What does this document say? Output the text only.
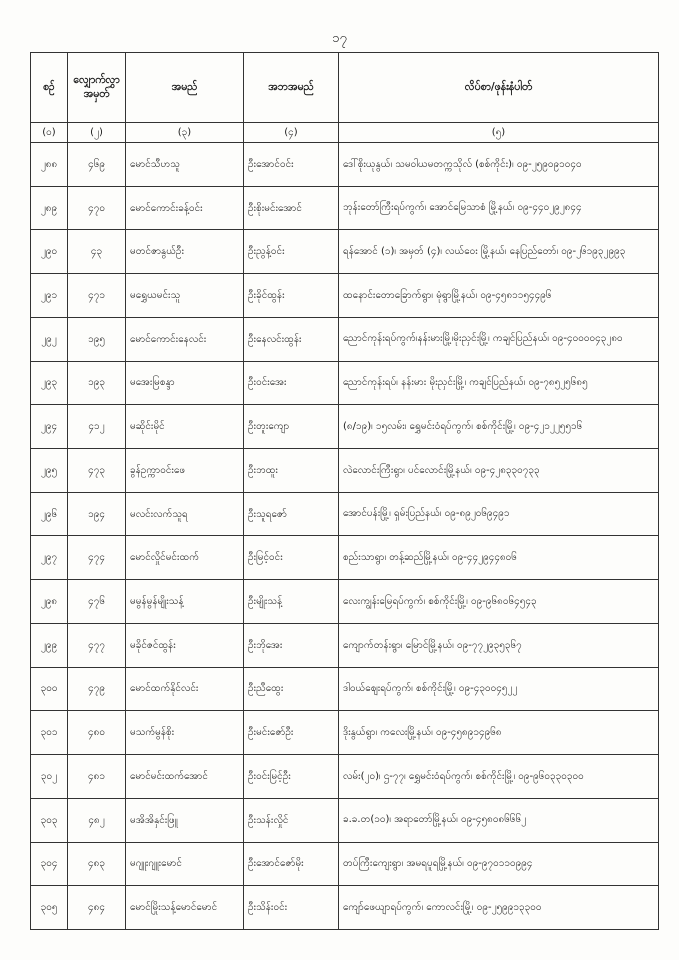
၁၇
စဥ်	လျှောက်လွှာ အမှတ်	အမည်	အဘအမည်	လိပ်စာ/ဖုန်းနံပါတ်
(၀)	(၂)	(၃)	(၄)	(၅)
၂၈၈	၄၆၉	မောင်သီဟသူ	ဦးအောင်ဝင်း	ဒေါ်စိုးယုနွယ်၊ သမဝါယမတက္ကသိုလ် (စစ်ကိုင်း)၊ ၀၉-၂၅၉၀၉၁၀၄၀
၂၈၉	၄၇၀	မောင်ကောင်းခန့်ဝင်း	ဦးစိုးမင်းအောင်	ဘုန်းတော်ကြီးရပ်ကွက်၊ အောင်မြေသာစံ မြို့နယ်၊ ၀၉-၄၄၀၂၉၂၈၄၄
၂၉၀	၄၃	မတင်ဇာနွယ်ဦး	ဦးညွန့်ဝင်း	ရန်အောင် (၁)၊ အမှတ် (၄)၊ လယ်ဝေး မြို့နယ်၊ နေပြည်တော်၊ ၀၉-၂၆၁၉၃၂၉၉၃
၂၉၁	၄၇၁	မရွှေယမင်းသူ	ဦးခိုင်ထွန်း	ထနောင်းတောခြောက်ရွာ၊ မုံရွာမြို့နယ်၊ ၀၉-၄၅၈၁၁၅၄၄၉၆
၂၉၂	၁၉၅	မောင်ကောင်းနေလင်း	ဦးနေလင်းထွန်း	ညောင်ကုန်းရပ်ကွက်၊နန်းမားမြို့၊မိုးညှင်းမြို့၊ ကချင်ပြည်နယ်၊ ၀၉-၄၀၀၀၀၄၃၂၈၀
၂၉၃	၁၉၃	မအေးမြစန္ဒာ	ဦးဝင်းအေး	ညောင်ကုန်းရပ်၊ နန်းမား မိုးညှင်းမြို့၊ ကချင်ပြည်နယ်၊ ၀၉-၇၈၅၂၅၆၈၅
၂၉၄	၄၁၂	မဆိုင်းမိုင်	ဦးတူးကျော	(၈/၁၉)၊ ၁၅လမ်း၊ ရွှေမင်းဝံရပ်ကွက်၊ စစ်ကိုင်းမြို့၊ ၀၉-၄၂၁၂၂၅၅၁၆
၂၉၅	၄၇၃	ခွန်ဥက္ကာဝင်းဖေ	ဦးဘထူး	လဲလောင်းကြီးရွာ၊ ပင်လောင်းမြို့နယ်၊ ၀၉-၄၂၈၃၃၀၇၃၃
၂၉၆	၁၉၄	မလင်းလက်သူရ	ဦးသူရဇော်	အောင်ပန်းမြို့၊ ရှမ်းပြည်နယ်၊ ၀၉-၈၉၂၀၆၉၄၉၁
၂၉၇	၄၇၄	မောင်လှိုင်မင်းထက်	ဦးမြင့်ဝင်း	စည်းသာရွာ၊ တန့်ဆည်မြို့နယ်၊ ၀၉-၄၄၂၉၄၄၈၀၆
၂၉၈	၄၇၆	မမွန်မွန်မျိုးသန့်	ဦးမျိုးသန့်	လေးကျွန်းမြေရပ်ကွက်၊ စစ်ကိုင်းမြို့၊ ၀၉-၉၆၈၀၆၄၅၄၃
၂၉၉	၄၇၇	မခိုင်ဇင်ထွန်း	ဦးဘိုအေး	ကျောက်တန်းရွာ၊ မြောင်မြို့နယ်၊ ၀၉-၇၇၂၉၃၅၃၆၇
၃၀၀	၄၇၉	မောင်ထက်နိုင်လင်း	ဦးညီထွေး	ဒါဝယ်ဈေးရပ်ကွက်၊ စစ်ကိုင်းမြို့၊ ၀၉-၄၃၀၀၄၅၂၂
၃၀၁	၄၈၀	မသက်မွန်စိုး	ဦးမင်းဇော်ဦး	ဒိုးနွယ်ရွာ၊ ကလေးမြို့နယ်၊ ၀၉-၄၅၈၉၁၄၉၆၈
၃၀၂	၄၈၁	မောင်မင်းထက်အောင်	ဦးဝင်းမြင့်ဦး	လမ်း(၂၀)၊ ဌ-၇၇၊ ရွှေမင်းဝံရပ်ကွက်၊ စစ်ကိုင်းမြို့၊ ၀၉-၉၆၀၃၃၀၃၀၀
၃၀၃	၄၈၂	မအိအိနှင်းဖြူ	ဦးသန်းလှိုင်	ခ.ခ.တ(၁၀)၊ အရာတော်မြို့နယ်၊ ၀၉-၄၅၈၀၈၆၆၆၂
၃၀၄	၄၈၃	မဂျူးဂျူးမောင်	ဦးအောင်ဇော်မိုး	တပ်ကြီးကျေးရွာ၊ အမရပူရမြို့နယ်၊ ၀၉-၉၇၀၁၁၀၉၉၄
၃၀၅	၄၈၄	မောင်မြိုးသန့်မောင်မောင်	ဦးသိန်းဝင်း	ကျော်ဖေယျာရပ်ကွက်၊ ကောလင်းမြို့၊ ၀၉-၂၅၉၉၁၃၃၀၀
